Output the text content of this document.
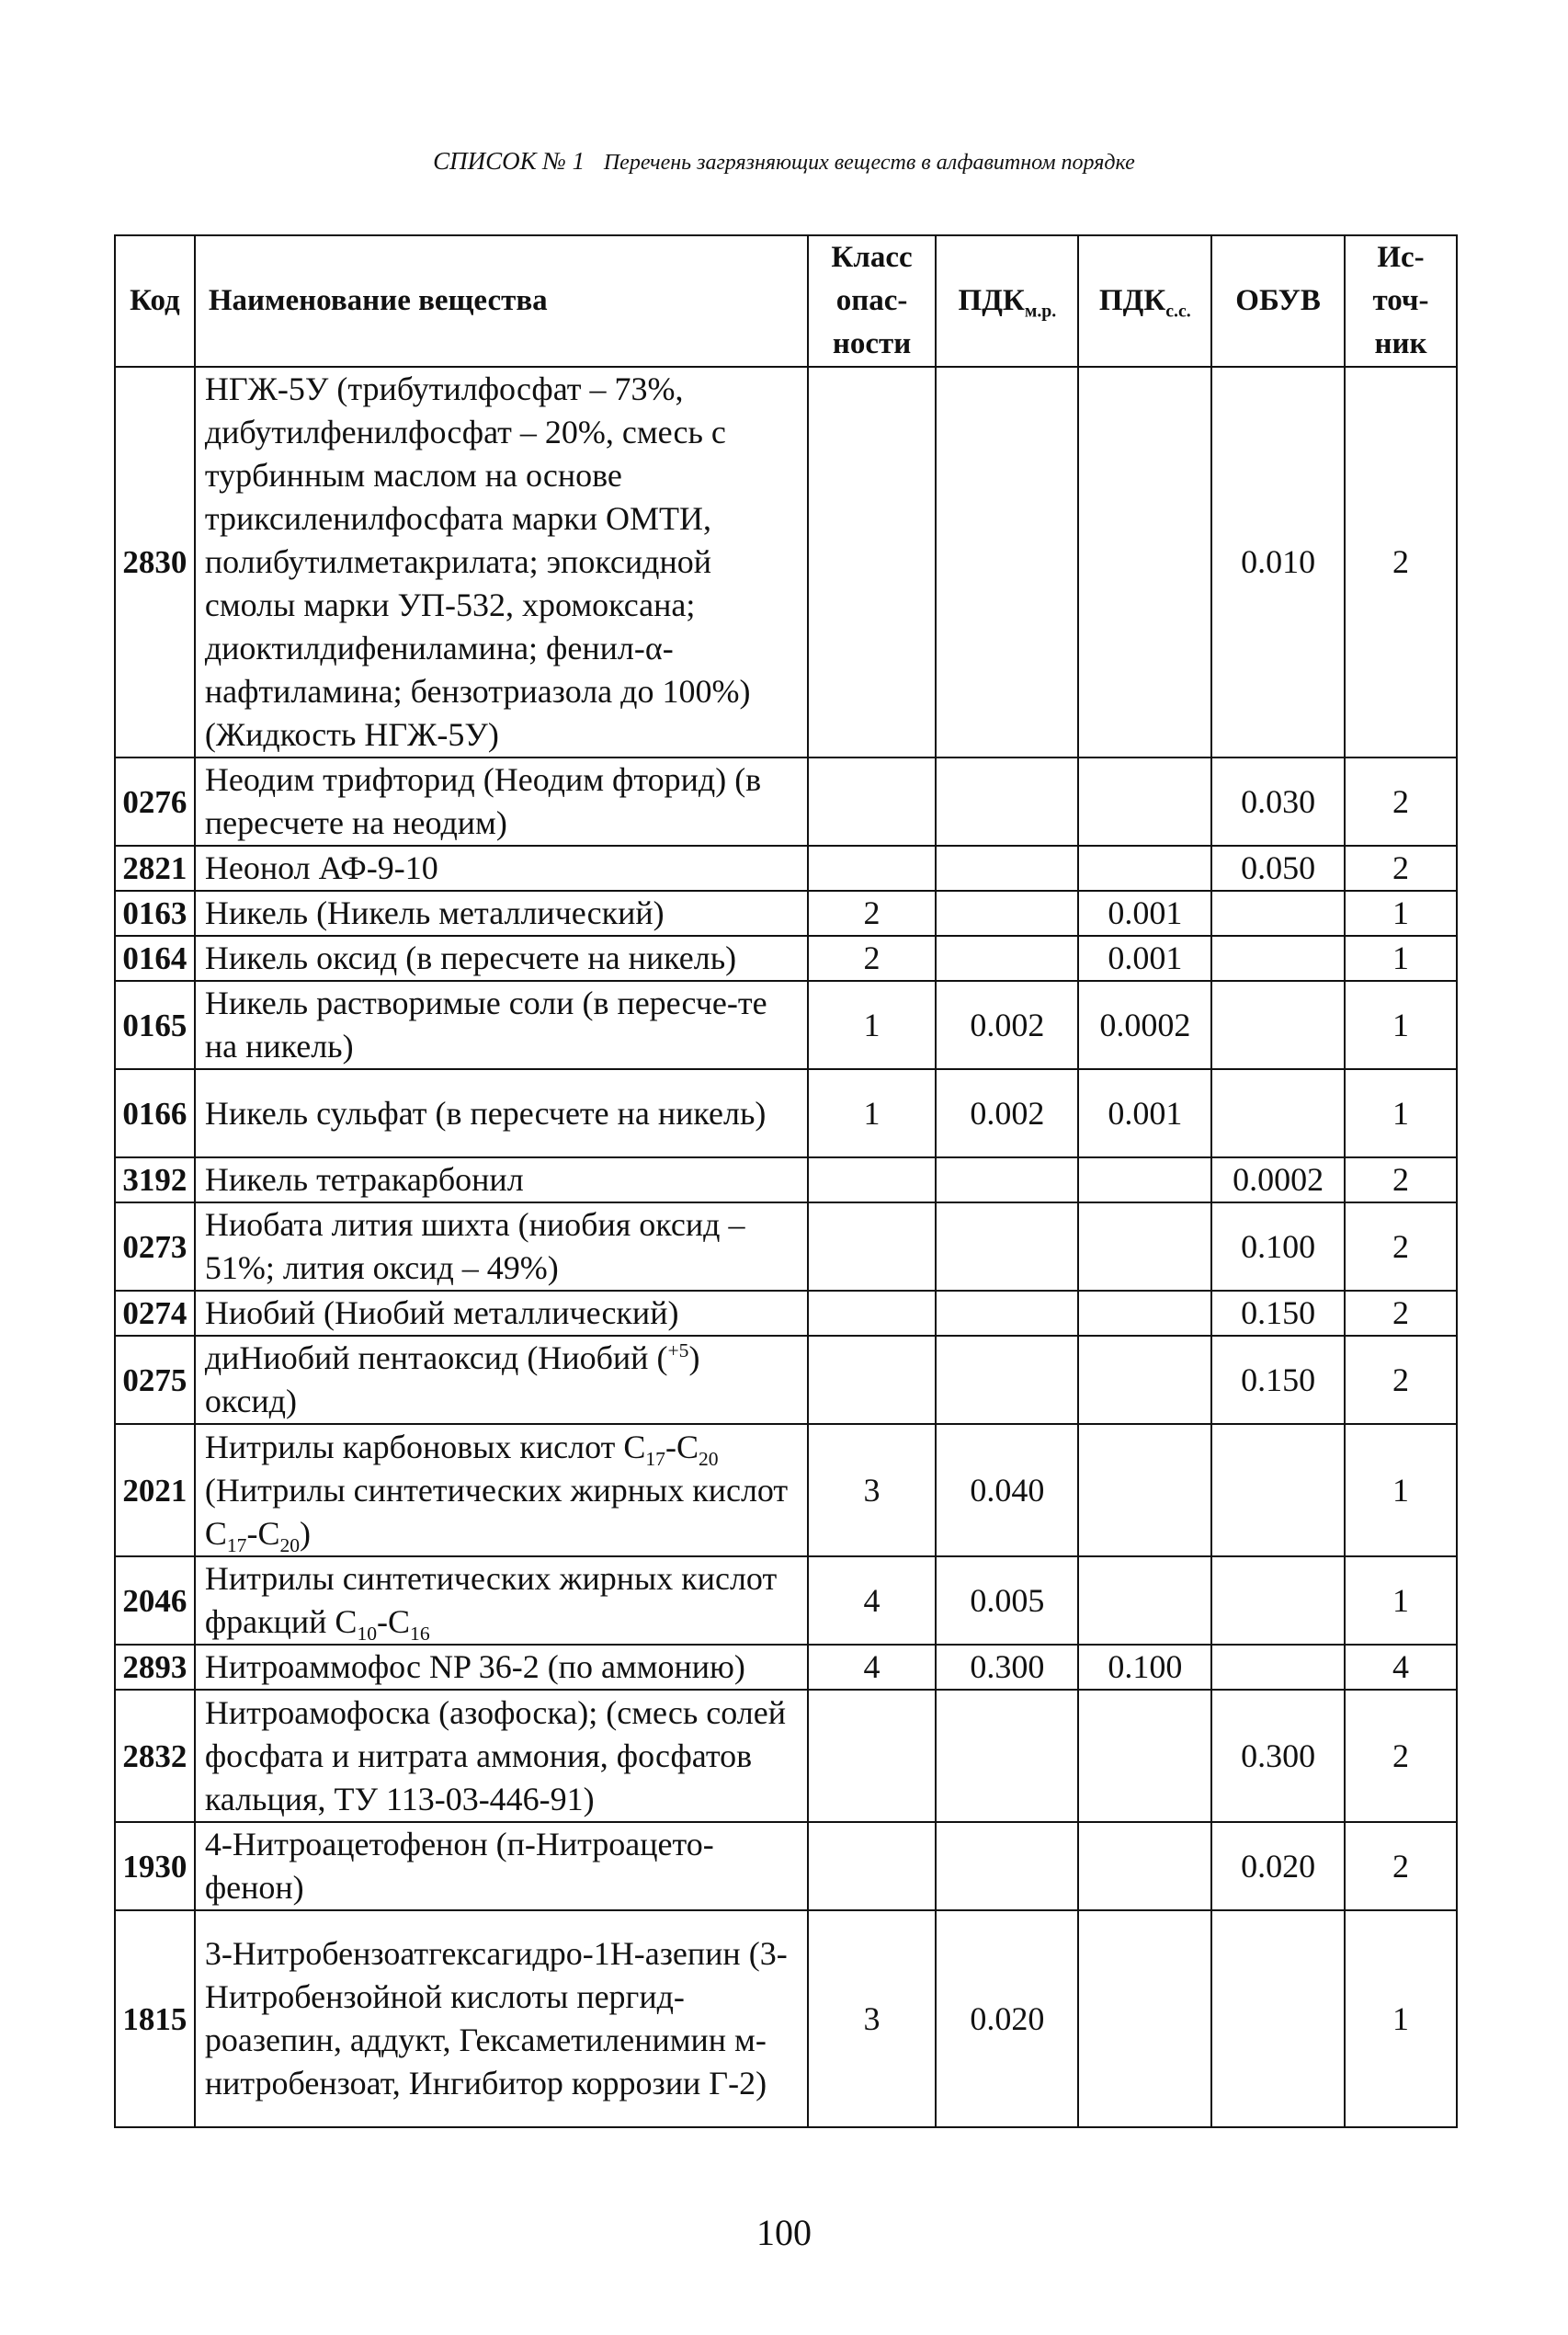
СПИСОК № 1 Перечень загрязняющих веществ в алфавитном порядке
Код	Наименование вещества	Класс опас- ности	$ПДК_{м.р.}$	$ПДК_{с.с.}$	ОБУВ	Ис- точ- ник
2830	НГЖ-5У (трибутилфосфат – 73%, дибутилфенилфосфат – 20%, смесь с турбинным маслом на основе триксиленилфосфата марки ОМТИ, полибутилметакрилата; эпоксидной смолы марки УП-532, хромоксана; диоктилдифениламина; фенил-α-нафтиламина; бензотриазола до 100%) (Жидкость НГЖ-5У)				0.010	2
0276	Неодим трифторид (Неодим фторид) (в пересчете на неодим)				0.030	2
2821	Неонол АФ-9-10				0.050	2
0163	Никель (Никель металлический)	2		0.001		1
0164	Никель оксид (в пересчете на никель)	2		0.001		1
0165	Никель растворимые соли (в пересче-те на никель)	1	0.002	0.0002		1
0166	Никель сульфат (в пересчете на никель)	1	0.002	0.001		1
3192	Никель тетракарбонил				0.0002	2
0273	Ниобата лития шихта (ниобия оксид – 51%; лития оксид – 49%)				0.100	2
0274	Ниобий (Ниобий металлический)				0.150	2
0275	диНиобий пентаоксид (Ниобий ($^{+5}$) оксид)				0.150	2
2021	Нитрилы карбоновых кислот $C_{17}-C_{20}$ (Нитрилы синтетических жирных кислот $C_{17}-C_{20}$)	3	0.040			1
2046	Нитрилы синтетических жирных кислот фракций $C_{10}-C_{16}$	4	0.005			1
2893	Нитроаммофос NP 36-2 (по аммонию)	4	0.300	0.100		4
2832	Нитроамофоска (азофоска); (смесь солей фосфата и нитрата аммония, фосфатов кальция, ТУ 113-03-446-91)				0.300	2
1930	4-Нитроацетофенон (п-Нитроацето-фенон)				0.020	2
1815	3-Нитробензоатгексагидро-1Н-азепин (3-Нитробензойной кислоты пергид-роазепин, аддукт, Гексаметиленимин м-нитробензоат, Ингибитор коррозии Г-2)	3	0.020			1
100
